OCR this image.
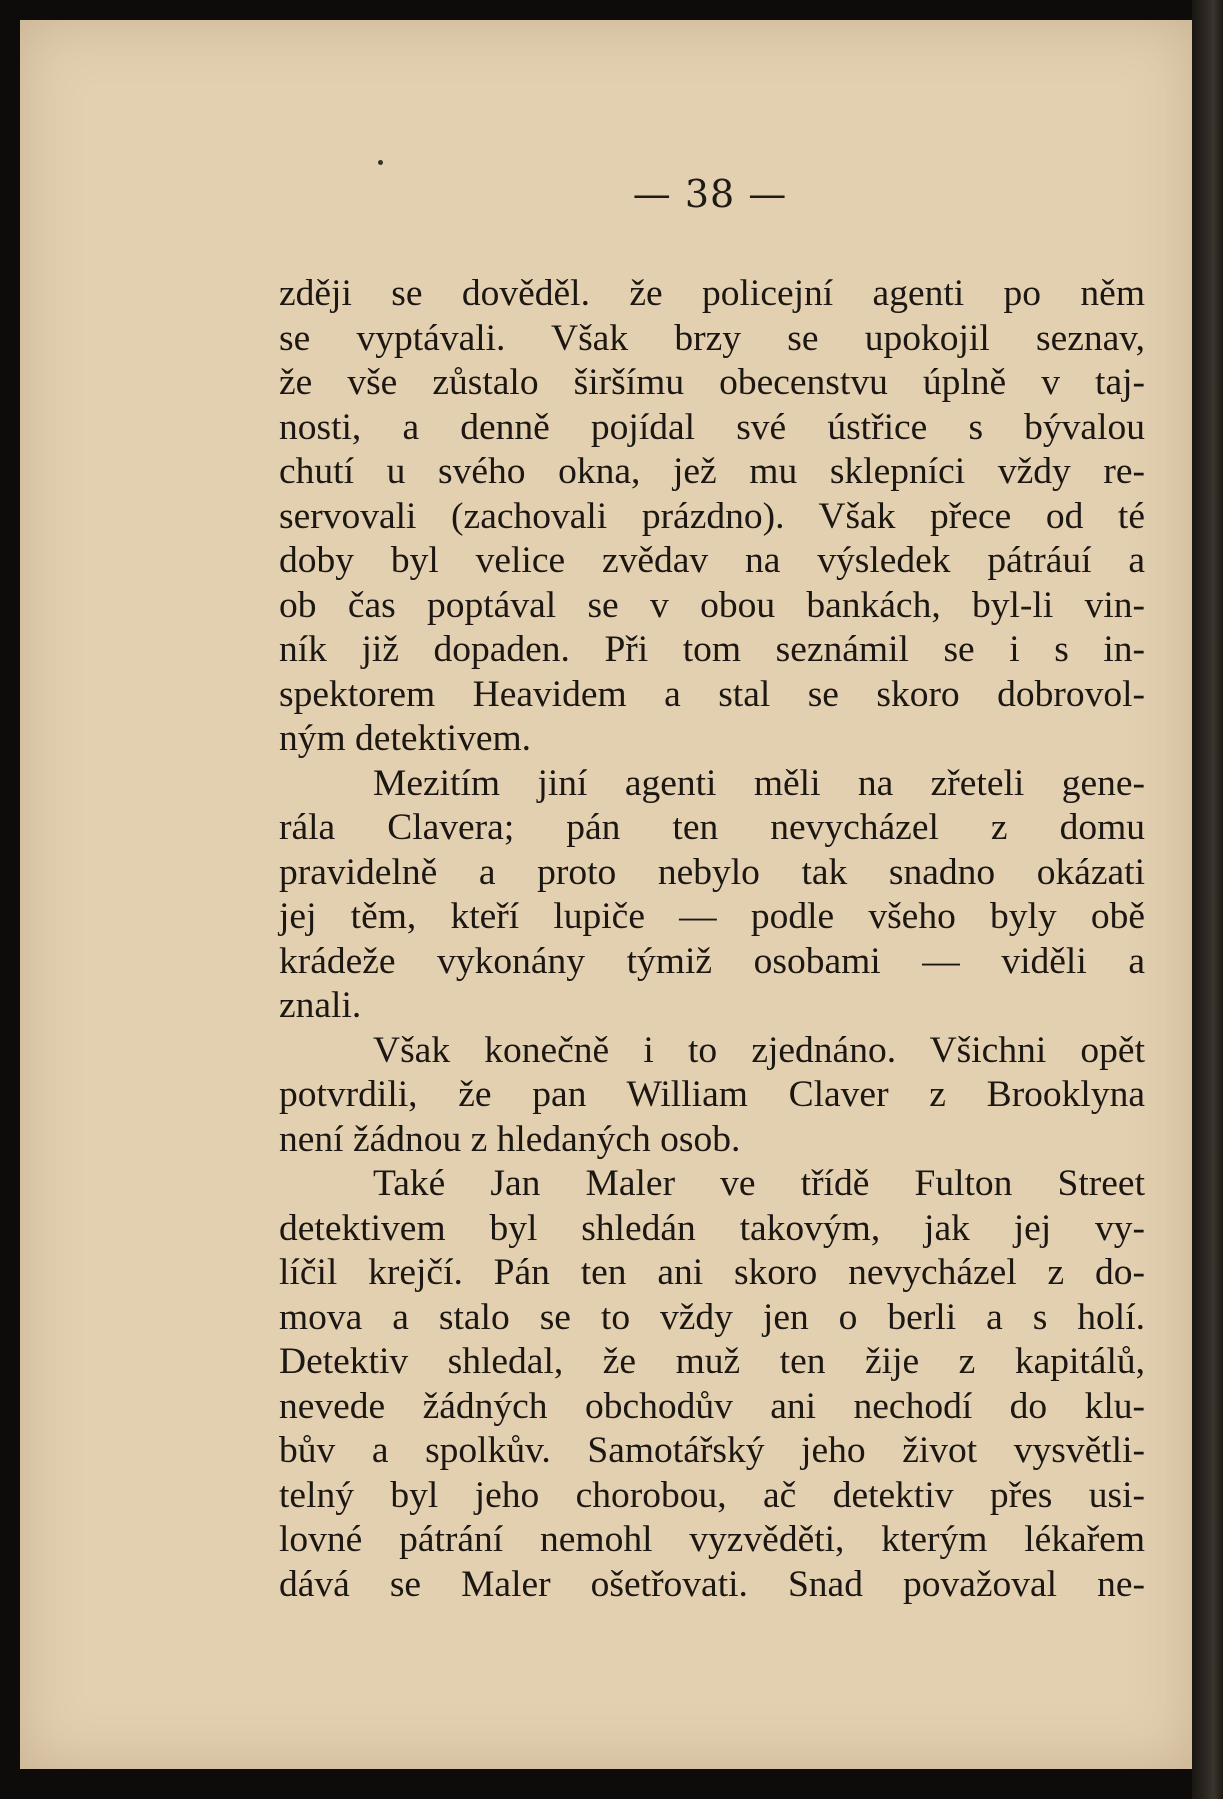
— 38 —
zději se dověděl. že policejní agenti po něm
se vyptávali. Však brzy se upokojil seznav,
že vše zůstalo širšímu obecenstvu úplně v taj-
nosti, a denně pojídal své ústřice s bývalou
chutí u svého okna, jež mu sklepníci vždy re-
servovali (zachovali prázdno). Však přece od té
doby byl velice zvědav na výsledek pátráuí a
ob čas poptával se v obou bankách, byl-li vin-
ník již dopaden. Při tom seznámil se i s in-
spektorem Heavidem a stal se skoro dobrovol-
ným detektivem.
Mezitím jiní agenti měli na zřeteli gene-
rála Clavera; pán ten nevycházel z domu
pravidelně a proto nebylo tak snadno okázati
jej těm, kteří lupiče — podle všeho byly obě
krádeže vykonány týmiž osobami — viděli a
znali.
Však konečně i to zjednáno. Všichni opět
potvrdili, že pan William Claver z Brooklyna
není žádnou z hledaných osob.
Také Jan Maler ve třídě Fulton Street
detektivem byl shledán takovým, jak jej vy-
líčil krejčí. Pán ten ani skoro nevycházel z do-
mova a stalo se to vždy jen o berli a s holí.
Detektiv shledal, že muž ten žije z kapitálů,
nevede žádných obchodův ani nechodí do klu-
bův a spolkův. Samotářský jeho život vysvětli-
telný byl jeho chorobou, ač detektiv přes usi-
lovné pátrání nemohl vyzvěděti, kterým lékařem
dává se Maler ošetřovati. Snad považoval ne-
